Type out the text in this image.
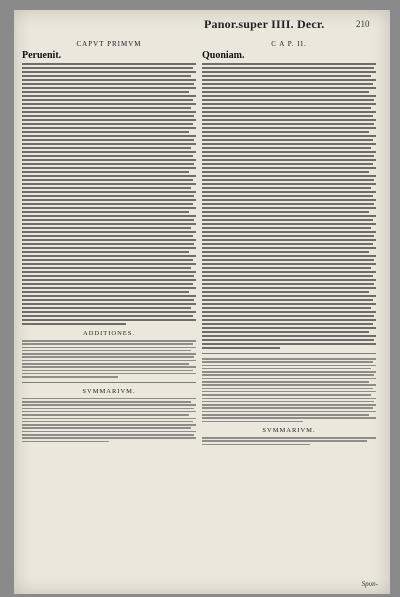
Panor.super IIII. Decr.	210
CAPVT PRIMVM
Peruenit.
ADDITIONES.
SVMMARIVM.
C A P. II.
Quoniam.
SVMMARIVM.
Spon-
